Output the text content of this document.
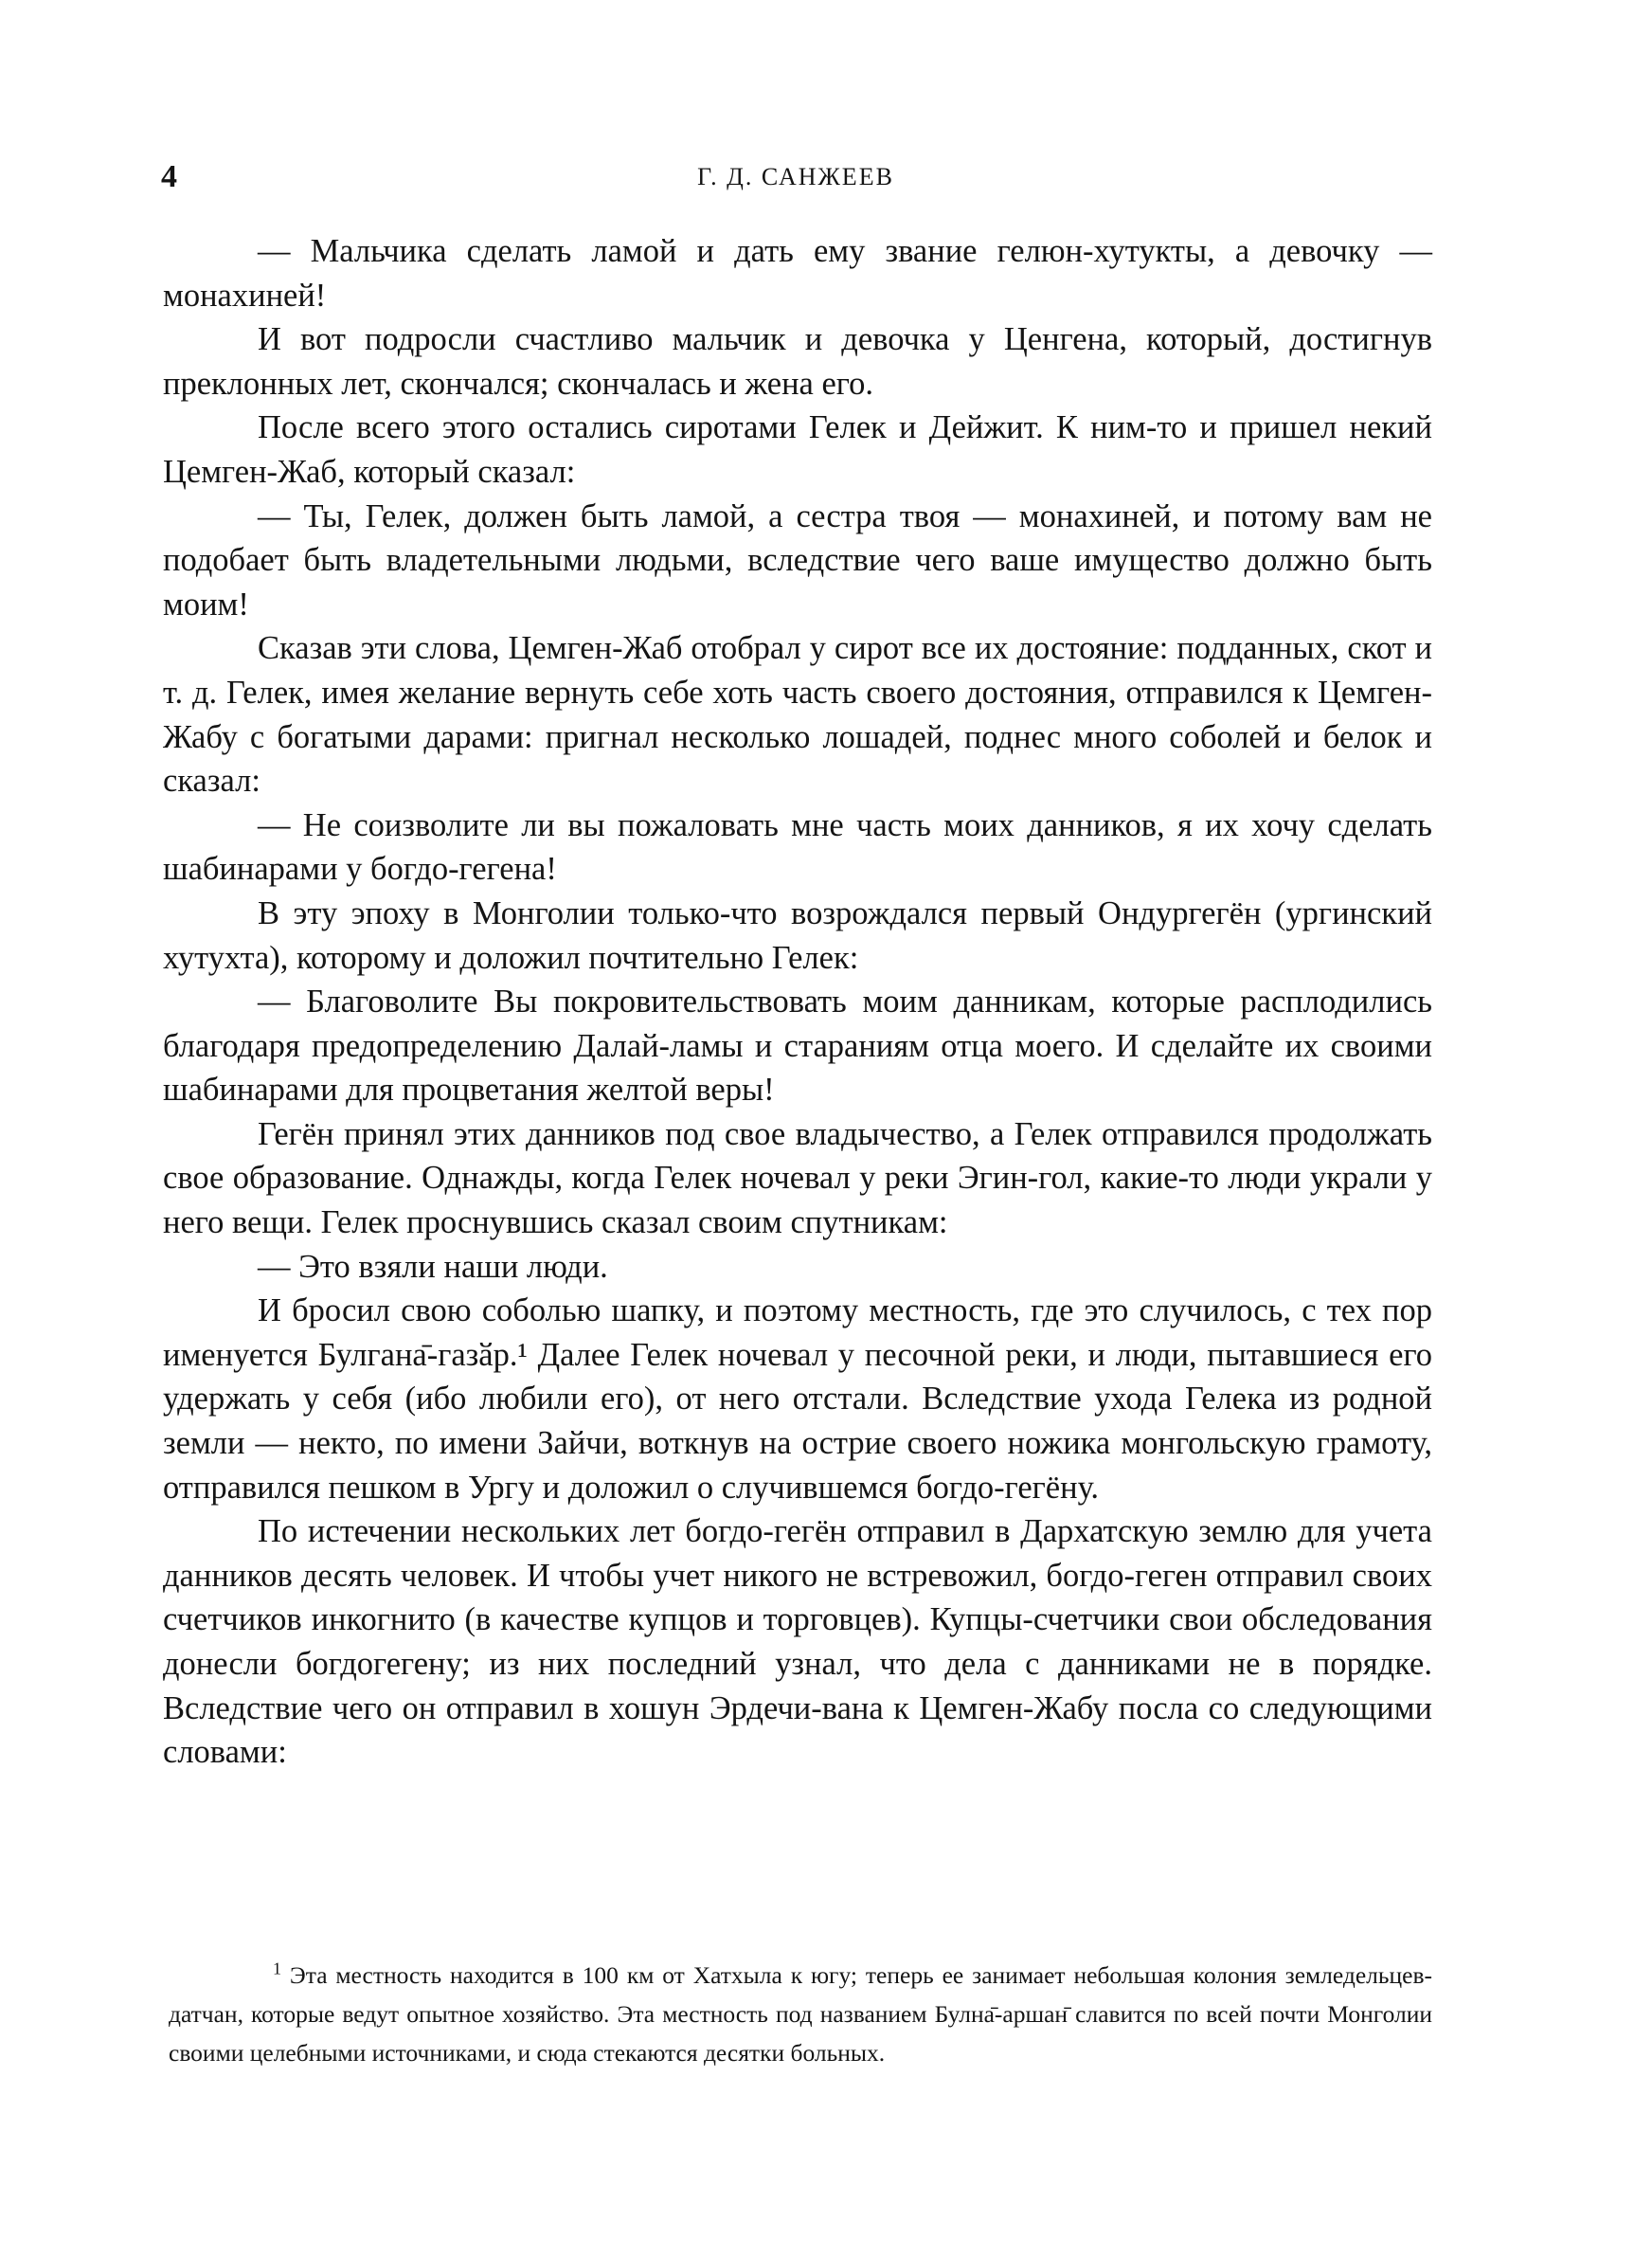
4	Г. Д. САНЖЕЕВ

— Мальчика сделать ламой и дать ему звание гелюн-хутукты, а девочку — монахиней!

И вот подросли счастливо мальчик и девочка у Ценгена, который, достигнув преклонных лет, скончался; скончалась и жена его.

После всего этого остались сиротами Гелек и Дейжит. К ним-то и пришел некий Цемген-Жаб, который сказал:

— Ты, Гелек, должен быть ламой, а сестра твоя — монахиней, и потому вам не подобает быть владетельными людьми, вследствие чего ваше имущество должно быть моим!

Сказав эти слова, Цемген-Жаб отобрал у сирот все их достояние: подданных, скот и т. д. Гелек, имея желание вернуть себе хоть часть своего достояния, отправился к Цемген-Жабу с богатыми дарами: пригнал несколько лошадей, поднес много соболей и белок и сказал:

— Не соизволите ли вы пожаловать мне часть моих данников, я их хочу сделать шабинарами у богдо-гегена!

В эту эпоху в Монголии только-что возрождался первый Ондургегён (ургинский хутухта), которому и доложил почтительно Гелек:

— Благоволите Вы покровительствовать моим данникам, которые расплодились благодаря предопределению Далай-ламы и стараниям отца моего. И сделайте их своими шабинарами для процветания желтой веры!

Гегён принял этих данников под свое владычество, а Гелек отправился продолжать свое образование. Однажды, когда Гелек ночевал у реки Эгин-гол, какие-то люди украли у него вещи. Гелек проснувшись сказал своим спутникам:

— Это взяли наши люди.

И бросил свою соболью шапку, и поэтому местность, где это случилось, с тех пор именуется Булгана̄-газӑр.¹ Далее Гелек ночевал у песочной реки, и люди, пытавшиеся его удержать у себя (ибо любили его), от него отстали. Вследствие ухода Гелека из родной земли — некто, по имени Зайчи, воткнув на острие своего ножика монгольскую грамоту, отправился пешком в Ургу и доложил о случившемся богдо-гегёну.

По истечении нескольких лет богдо-гегён отправил в Дархатскую землю для учета данников десять человек. И чтобы учет никого не встревожил, богдо-геген отправил своих счетчиков инкогнито (в качестве купцов и торговцев). Купцы-счетчики свои обследования донесли богдогегену; из них последний узнал, что дела с данниками не в порядке. Вследствие чего он отправил в хошун Эрдечи-вана к Цемген-Жабу посла со следующими словами:

$^1$ Эта местность находится в 100 км от Хатхыла к югу; теперь ее занимает небольшая колония земледельцев-датчан, которые ведут опытное хозяйство. Эта местность под названием Булна̄-аршан̄ славится по всей почти Монголии своими целебными источниками, и сюда стекаются десятки больных.
